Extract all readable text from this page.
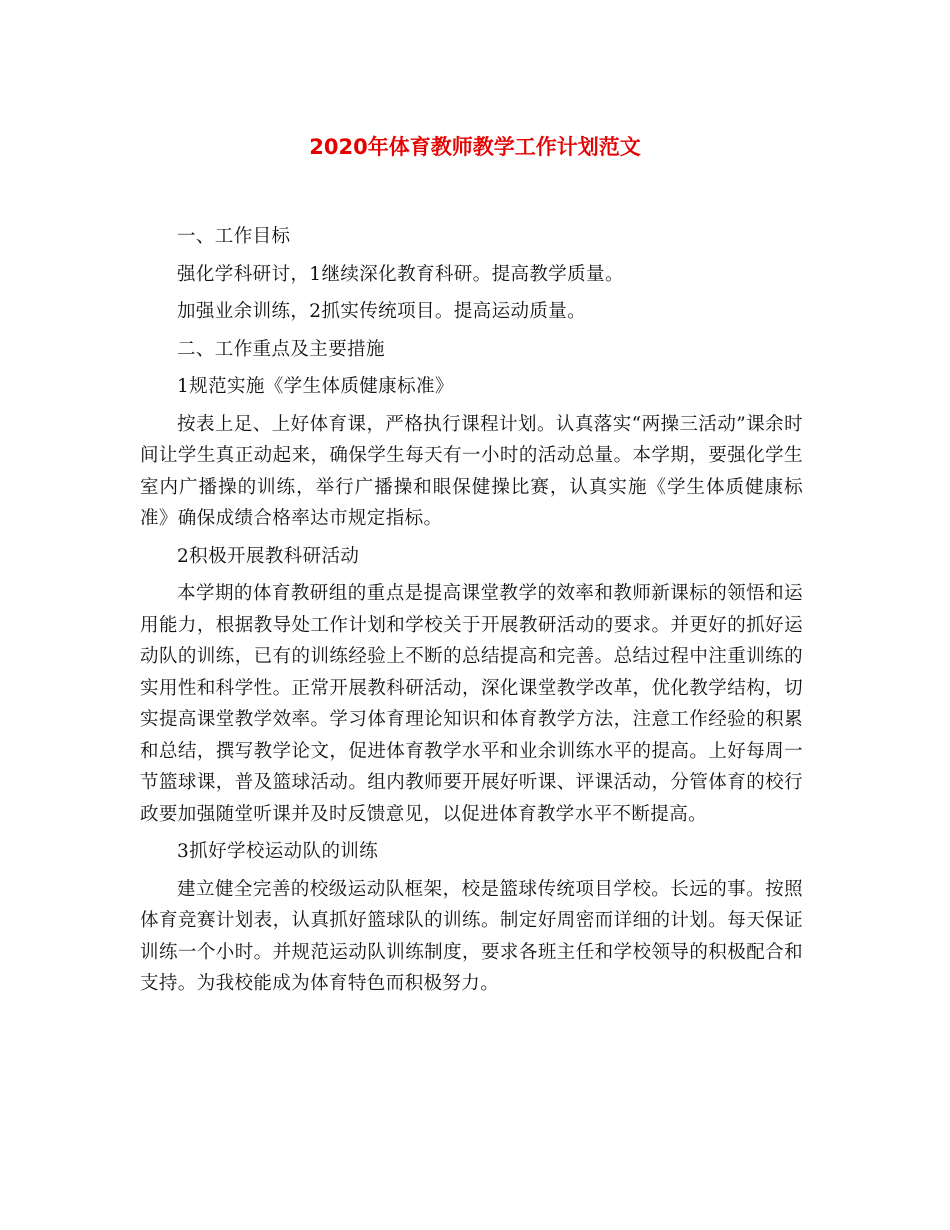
2020年体育教师教学工作计划范文

一、工作目标

强化学科研讨，1继续深化教育科研。提高教学质量。

加强业余训练，2抓实传统项目。提高运动质量。

二、工作重点及主要措施

1规范实施《学生体质健康标准》

按表上足、上好体育课，严格执行课程计划。认真落实“两操三活动”课余时间让学生真正动起来，确保学生每天有一小时的活动总量。本学期，要强化学生室内广播操的训练，举行广播操和眼保健操比赛，认真实施《学生体质健康标准》确保成绩合格率达市规定指标。

2积极开展教科研活动

本学期的体育教研组的重点是提高课堂教学的效率和教师新课标的领悟和运用能力，根据教导处工作计划和学校关于开展教研活动的要求。并更好的抓好运动队的训练，已有的训练经验上不断的总结提高和完善。总结过程中注重训练的实用性和科学性。正常开展教科研活动，深化课堂教学改革，优化教学结构，切实提高课堂教学效率。学习体育理论知识和体育教学方法，注意工作经验的积累和总结，撰写教学论文，促进体育教学水平和业余训练水平的提高。上好每周一节篮球课，普及篮球活动。组内教师要开展好听课、评课活动，分管体育的校行政要加强随堂听课并及时反馈意见，以促进体育教学水平不断提高。

3抓好学校运动队的训练

建立健全完善的校级运动队框架，校是篮球传统项目学校。长远的事。按照体育竞赛计划表，认真抓好篮球队的训练。制定好周密而详细的计划。每天保证训练一个小时。并规范运动队训练制度，要求各班主任和学校领导的积极配合和支持。为我校能成为体育特色而积极努力。
